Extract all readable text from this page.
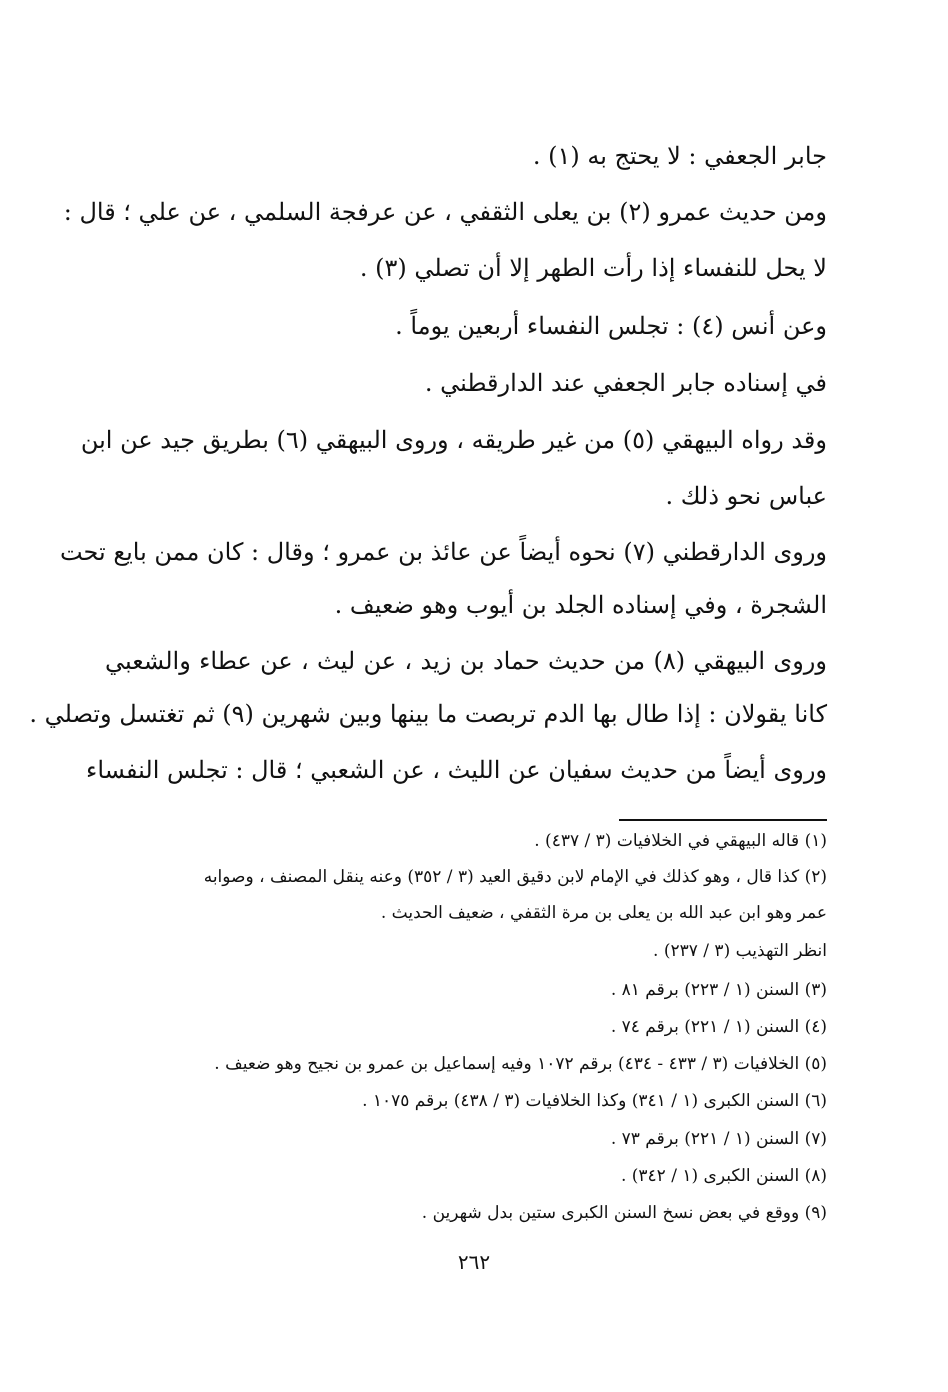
جابر الجعفي : لا يحتج به (١) .
ومن حديث عمرو (٢) بن يعلى الثقفي ، عن عرفجة السلمي ، عن علي ؛ قال :
لا يحل للنفساء إذا رأت الطهر إلا أن تصلي (٣) .
وعن أنس (٤) : تجلس النفساء أربعين يوماً .
في إسناده جابر الجعفي عند الدارقطني .
وقد رواه البيهقي (٥) من غير طريقه ، وروى البيهقي (٦) بطريق جيد عن ابن
عباس نحو ذلك .
وروى الدارقطني (٧) نحوه أيضاً عن عائذ بن عمرو ؛ وقال : كان ممن بايع تحت
الشجرة ، وفي إسناده الجلد بن أيوب وهو ضعيف .
وروى البيهقي (٨) من حديث حماد بن زيد ، عن ليث ، عن عطاء والشعبي
كانا يقولان : إذا طال بها الدم تربصت ما بينها وبين شهرين (٩) ثم تغتسل وتصلي .
وروى أيضاً من حديث سفيان عن الليث ، عن الشعبي ؛ قال : تجلس النفساء
(١) قاله البيهقي في الخلافيات (٣ / ٤٣٧) .
(٢) كذا قال ، وهو كذلك في الإمام لابن دقيق العيد (٣ / ٣٥٢) وعنه ينقل المصنف ، وصوابه
عمر وهو ابن عبد الله بن يعلى بن مرة الثقفي ، ضعيف الحديث .
انظر التهذيب (٣ / ٢٣٧) .
(٣) السنن (١ / ٢٢٣) برقم ٨١ .
(٤) السنن (١ / ٢٢١) برقم ٧٤ .
(٥) الخلافيات (٣ / ٤٣٣ - ٤٣٤) برقم ١٠٧٢ وفيه إسماعيل بن عمرو بن نجيح وهو ضعيف .
(٦) السنن الكبرى (١ / ٣٤١) وكذا الخلافيات (٣ / ٤٣٨) برقم ١٠٧٥ .
(٧) السنن (١ / ٢٢١) برقم ٧٣ .
(٨) السنن الكبرى (١ / ٣٤٢) .
(٩) ووقع في بعض نسخ السنن الكبرى ستين بدل شهرين .
٢٦٢
